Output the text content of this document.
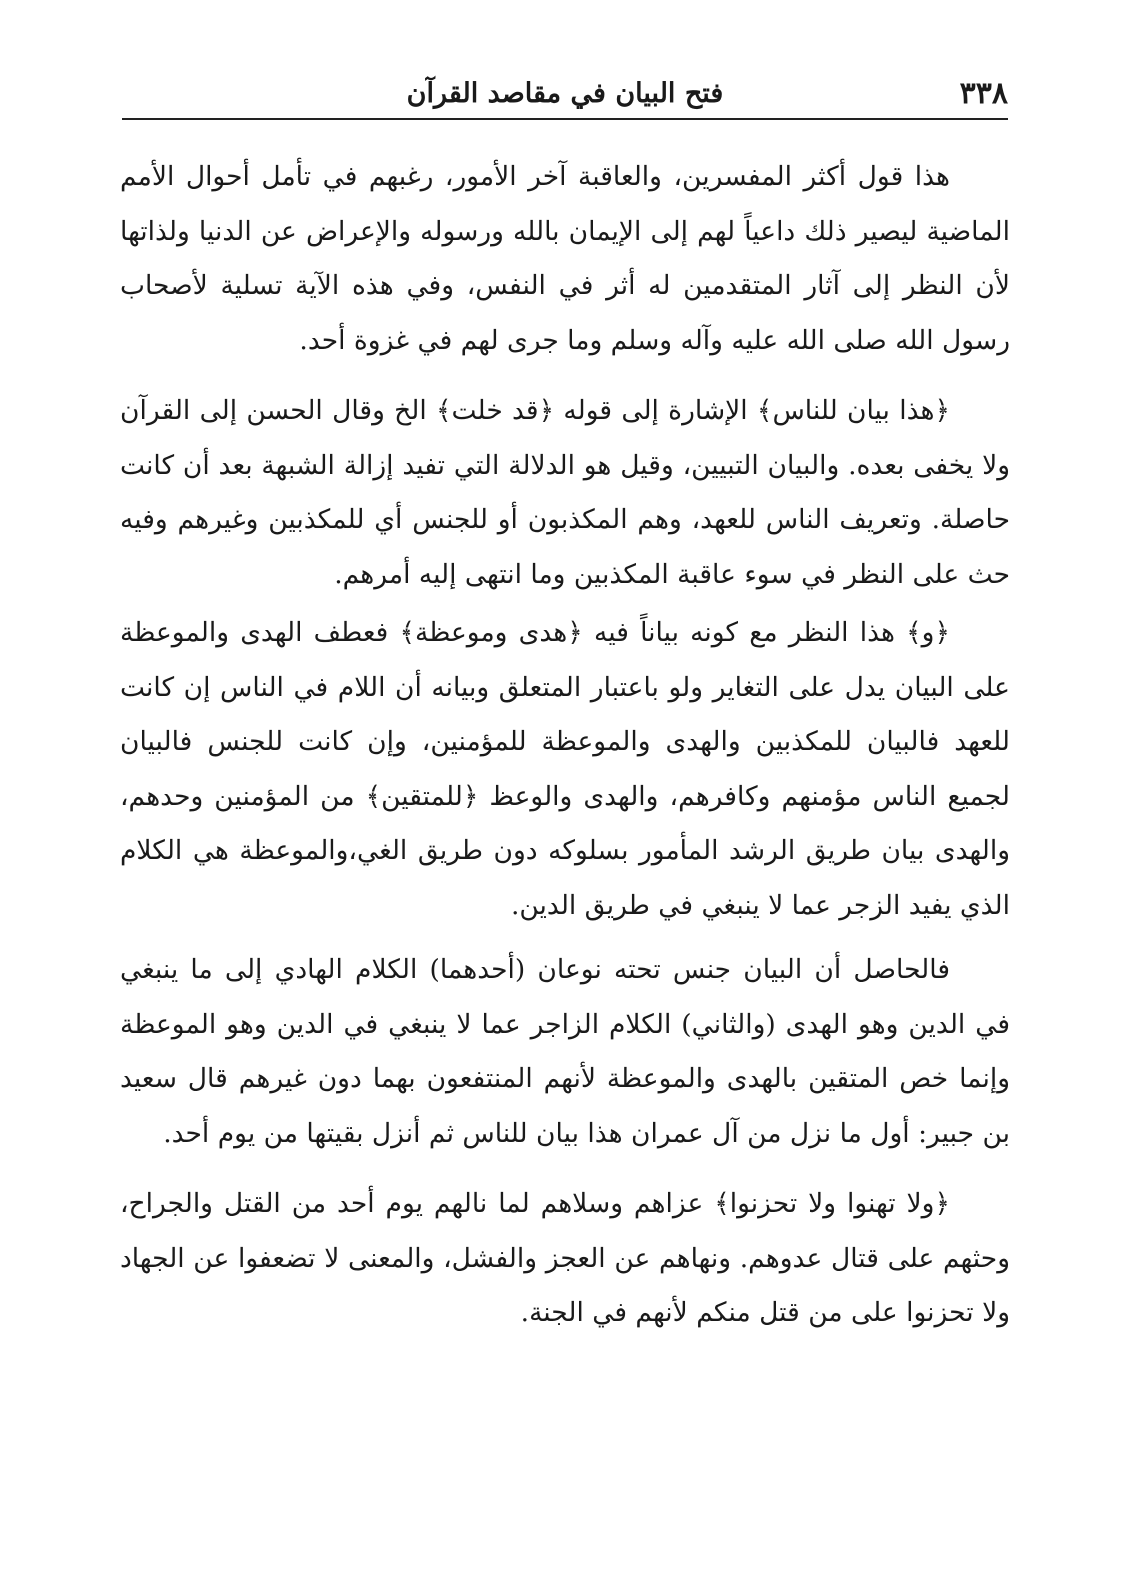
٣٣٨
فتح البيان في مقاصد القرآن

هذا قول أكثر المفسرين، والعاقبة آخر الأمور، رغبهم في تأمل أحوال الأمم الماضية ليصير ذلك داعياً لهم إلى الإيمان بالله ورسوله والإعراض عن الدنيا ولذاتها لأن النظر إلى آثار المتقدمين له أثر في النفس، وفي هذه الآية تسلية لأصحاب رسول الله صلى الله عليه وآله وسلم وما جرى لهم في غزوة أحد.

﴿هذا بيان للناس﴾ الإشارة إلى قوله ﴿قد خلت﴾ الخ وقال الحسن إلى القرآن ولا يخفى بعده. والبيان التبيين، وقيل هو الدلالة التي تفيد إزالة الشبهة بعد أن كانت حاصلة. وتعريف الناس للعهد، وهم المكذبون أو للجنس أي للمكذبين وغيرهم وفيه حث على النظر في سوء عاقبة المكذبين وما انتهى إليه أمرهم.

﴿و﴾ هذا النظر مع كونه بياناً فيه ﴿هدى وموعظة﴾ فعطف الهدى والموعظة على البيان يدل على التغاير ولو باعتبار المتعلق وبيانه أن اللام في الناس إن كانت للعهد فالبيان للمكذبين والهدى والموعظة للمؤمنين، وإن كانت للجنس فالبيان لجميع الناس مؤمنهم وكافرهم، والهدى والوعظ ﴿للمتقين﴾ من المؤمنين وحدهم، والهدى بيان طريق الرشد المأمور بسلوكه دون طريق الغي،والموعظة هي الكلام الذي يفيد الزجر عما لا ينبغي في طريق الدين.

فالحاصل أن البيان جنس تحته نوعان (أحدهما) الكلام الهادي إلى ما ينبغي في الدين وهو الهدى (والثاني) الكلام الزاجر عما لا ينبغي في الدين وهو الموعظة وإنما خص المتقين بالهدى والموعظة لأنهم المنتفعون بهما دون غيرهم قال سعيد بن جبير: أول ما نزل من آل عمران هذا بيان للناس ثم أنزل بقيتها من يوم أحد.

﴿ولا تهنوا ولا تحزنوا﴾ عزاهم وسلاهم لما نالهم يوم أحد من القتل والجراح، وحثهم على قتال عدوهم. ونهاهم عن العجز والفشل، والمعنى لا تضعفوا عن الجهاد ولا تحزنوا على من قتل منكم لأنهم في الجنة.
